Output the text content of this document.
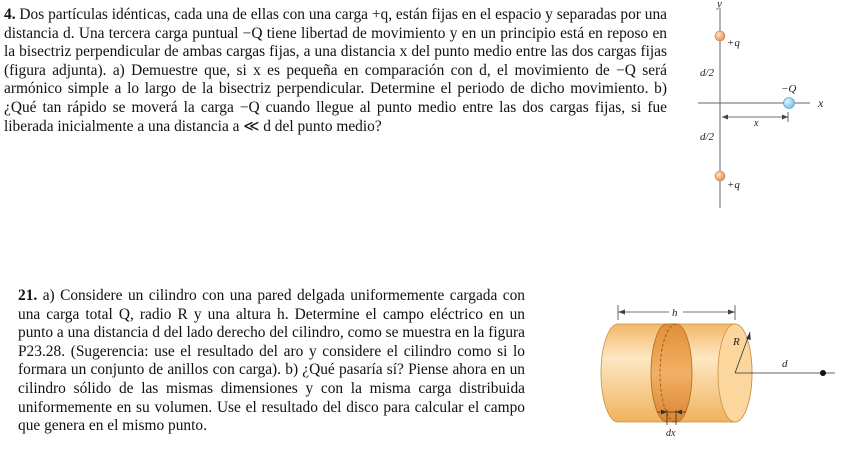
4. Dos partículas idénticas, cada una de ellas con una carga +q, están fijas en el espacio y separadas por una distancia d. Una tercera carga puntual −Q tiene libertad de movimiento y en un principio está en reposo en la bisectriz perpendicular de ambas cargas fijas, a una distancia x del punto medio entre las dos cargas fijas (figura adjunta). a) Demuestre que, si x es pequeña en comparación con d, el movimiento de −Q será armónico simple a lo largo de la bisectriz perpendicular. Determine el periodo de dicho movimiento. b) ¿Qué tan rápido se moverá la carga −Q cuando llegue al punto medio entre las dos cargas fijas, si fue liberada inicialmente a una distancia a ≪ d del punto medio?

y
x
+q
+q
d/2
d/2
−Q
x

21. a) Considere un cilindro con una pared delgada uniformemente cargada con una carga total Q, radio R y una altura h. Determine el campo eléctrico en un punto a una distancia d del lado derecho del cilindro, como se muestra en la figura P23.28. (Sugerencia: use el resultado del aro y considere el cilindro como si lo formara un conjunto de anillos con carga). b) ¿Qué pasaría sí? Piense ahora en un cilindro sólido de las mismas dimensiones y con la misma carga distribuida uniformemente en su volumen. Use el resultado del disco para calcular el campo que genera en el mismo punto.

h
R
d
dx
